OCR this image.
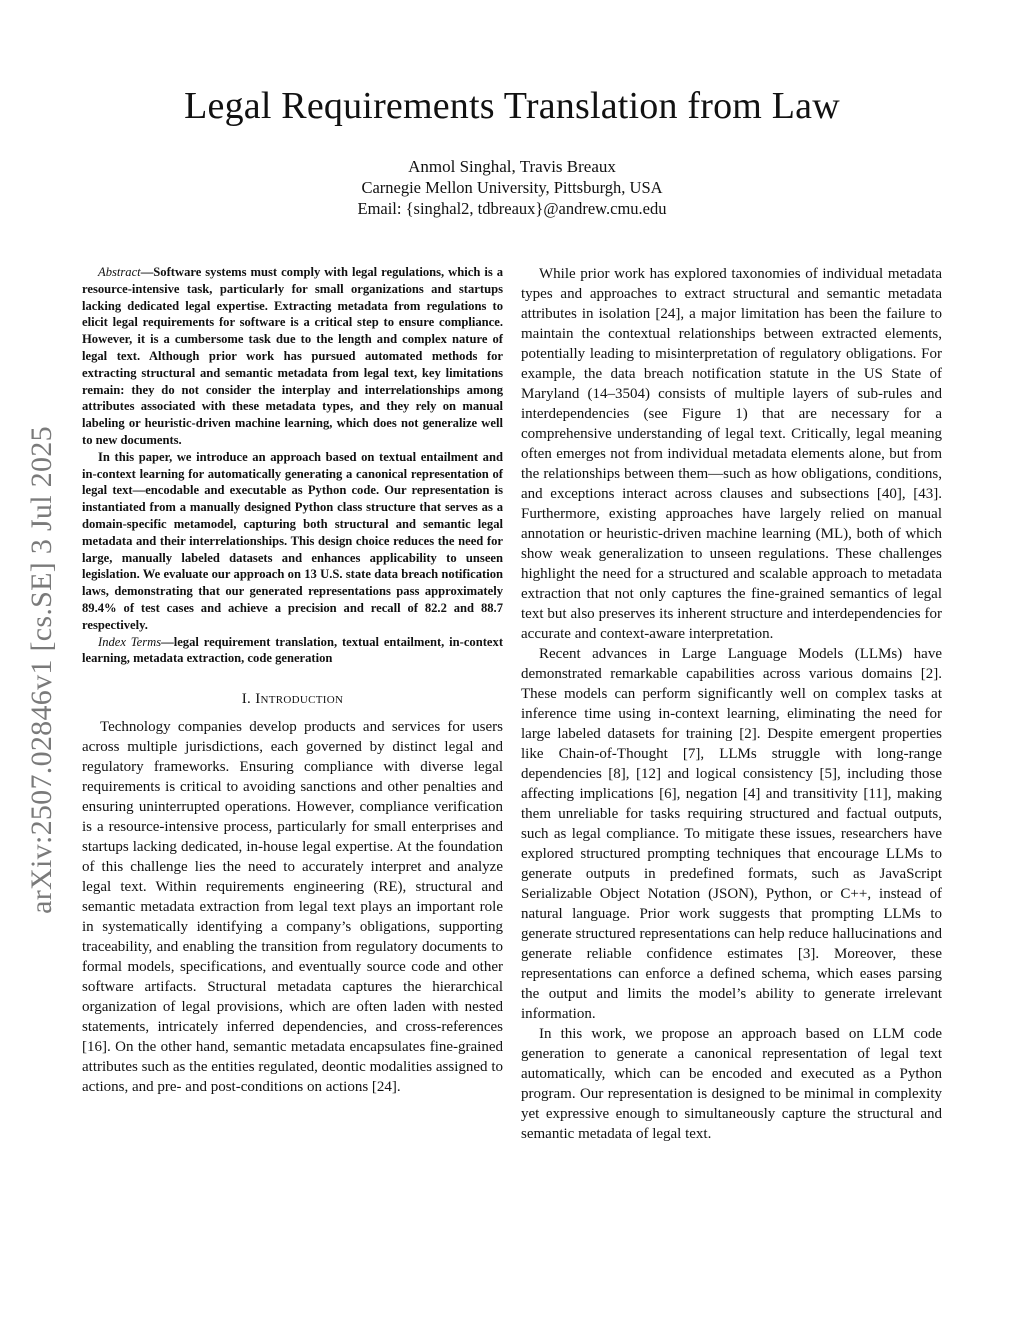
arXiv:2507.02846v1 [cs.SE] 3 Jul 2025
Legal Requirements Translation from Law
Anmol Singhal, Travis Breaux
Carnegie Mellon University, Pittsburgh, USA
Email: {singhal2, tdbreaux}@andrew.cmu.edu

Abstract—Software systems must comply with legal regulations, which is a resource-intensive task, particularly for small organizations and startups lacking dedicated legal expertise. Extracting metadata from regulations to elicit legal requirements for software is a critical step to ensure compliance. However, it is a cumbersome task due to the length and complex nature of legal text. Although prior work has pursued automated methods for extracting structural and semantic metadata from legal text, key limitations remain: they do not consider the interplay and interrelationships among attributes associated with these metadata types, and they rely on manual labeling or heuristic-driven machine learning, which does not generalize well to new documents.

In this paper, we introduce an approach based on textual entailment and in-context learning for automatically generating a canonical representation of legal text—encodable and executable as Python code. Our representation is instantiated from a manually designed Python class structure that serves as a domain-specific metamodel, capturing both structural and semantic legal metadata and their interrelationships. This design choice reduces the need for large, manually labeled datasets and enhances applicability to unseen legislation. We evaluate our approach on 13 U.S. state data breach notification laws, demonstrating that our generated representations pass approximately 89.4% of test cases and achieve a precision and recall of 82.2 and 88.7 respectively.

Index Terms—legal requirement translation, textual entailment, in-context learning, metadata extraction, code generation

I. Introduction

Technology companies develop products and services for users across multiple jurisdictions, each governed by distinct legal and regulatory frameworks. Ensuring compliance with diverse legal requirements is critical to avoiding sanctions and other penalties and ensuring uninterrupted operations. However, compliance verification is a resource-intensive process, particularly for small enterprises and startups lacking dedicated, in-house legal expertise. At the foundation of this challenge lies the need to accurately interpret and analyze legal text. Within requirements engineering (RE), structural and semantic metadata extraction from legal text plays an important role in systematically identifying a company’s obligations, supporting traceability, and enabling the transition from regulatory documents to formal models, specifications, and eventually source code and other software artifacts. Structural metadata captures the hierarchical organization of legal provisions, which are often laden with nested statements, intricately inferred dependencies, and cross-references [16]. On the other hand, semantic metadata encapsulates fine-grained attributes such as the entities regulated, deontic modalities assigned to actions, and pre- and post-conditions on actions [24].

While prior work has explored taxonomies of individual metadata types and approaches to extract structural and semantic metadata attributes in isolation [24], a major limitation has been the failure to maintain the contextual relationships between extracted elements, potentially leading to misinterpretation of regulatory obligations. For example, the data breach notification statute in the US State of Maryland (14–3504) consists of multiple layers of sub-rules and interdependencies (see Figure 1) that are necessary for a comprehensive understanding of legal text. Critically, legal meaning often emerges not from individual metadata elements alone, but from the relationships between them—such as how obligations, conditions, and exceptions interact across clauses and subsections [40], [43]. Furthermore, existing approaches have largely relied on manual annotation or heuristic-driven machine learning (ML), both of which show weak generalization to unseen regulations. These challenges highlight the need for a structured and scalable approach to metadata extraction that not only captures the fine-grained semantics of legal text but also preserves its inherent structure and interdependencies for accurate and context-aware interpretation.

Recent advances in Large Language Models (LLMs) have demonstrated remarkable capabilities across various domains [2]. These models can perform significantly well on complex tasks at inference time using in-context learning, eliminating the need for large labeled datasets for training [2]. Despite emergent properties like Chain-of-Thought [7], LLMs struggle with long-range dependencies [8], [12] and logical consistency [5], including those affecting implications [6], negation [4] and transitivity [11], making them unreliable for tasks requiring structured and factual outputs, such as legal compliance. To mitigate these issues, researchers have explored structured prompting techniques that encourage LLMs to generate outputs in predefined formats, such as JavaScript Serializable Object Notation (JSON), Python, or C++, instead of natural language. Prior work suggests that prompting LLMs to generate structured representations can help reduce hallucinations and generate reliable confidence estimates [3]. Moreover, these representations can enforce a defined schema, which eases parsing the output and limits the model’s ability to generate irrelevant information.

In this work, we propose an approach based on LLM code generation to generate a canonical representation of legal text automatically, which can be encoded and executed as a Python program. Our representation is designed to be minimal in complexity yet expressive enough to simultaneously capture the structural and semantic metadata of legal text.
